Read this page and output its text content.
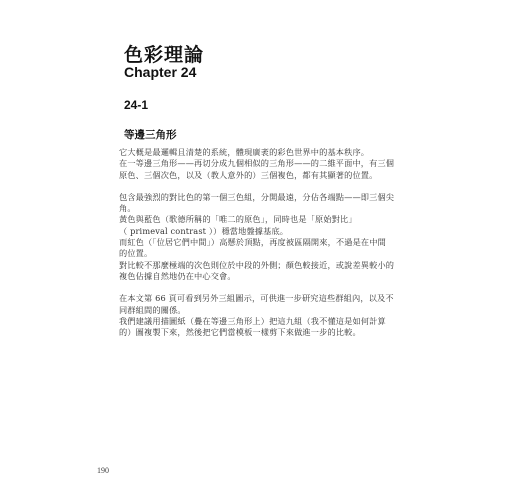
色彩理論
Chapter 24
24-1
等邊三角形
它大概是最邏輯且清楚的系統，體現廣袤的彩色世界中的基本秩序。
在一等邊三角形——再切分成九個相似的三角形——的二維平面中，有三個
原色、三個次色，以及（教人意外的）三個複色，都有其顯著的位置。
包含最強烈的對比色的第一個三色組，分開最遠，分佔各端點——即三個尖
角。
黃色與藍色（歌德所稱的「唯二的原色」，同時也是「原始對比」
（ primeval contrast ））穩當地盤據基底。
而紅色（「位居它們中間」）高懸於頂點，再度被區隔開來，不過是在中間
的位置。
對比較不那麼極端的次色則位於中段的外側；顏色較接近，或說差異較小的
複色佔據自然地仍在中心交會。
在本文第 66 頁可看到另外三組圖示，可供進一步研究這些群組內，以及不
同群組間的關係。
我們建議用描圖紙（疊在等邊三角形上）把這九組（我不懂這是如何計算
的）圖複製下來，然後把它們當模板一樣剪下來做進一步的比較。
190
